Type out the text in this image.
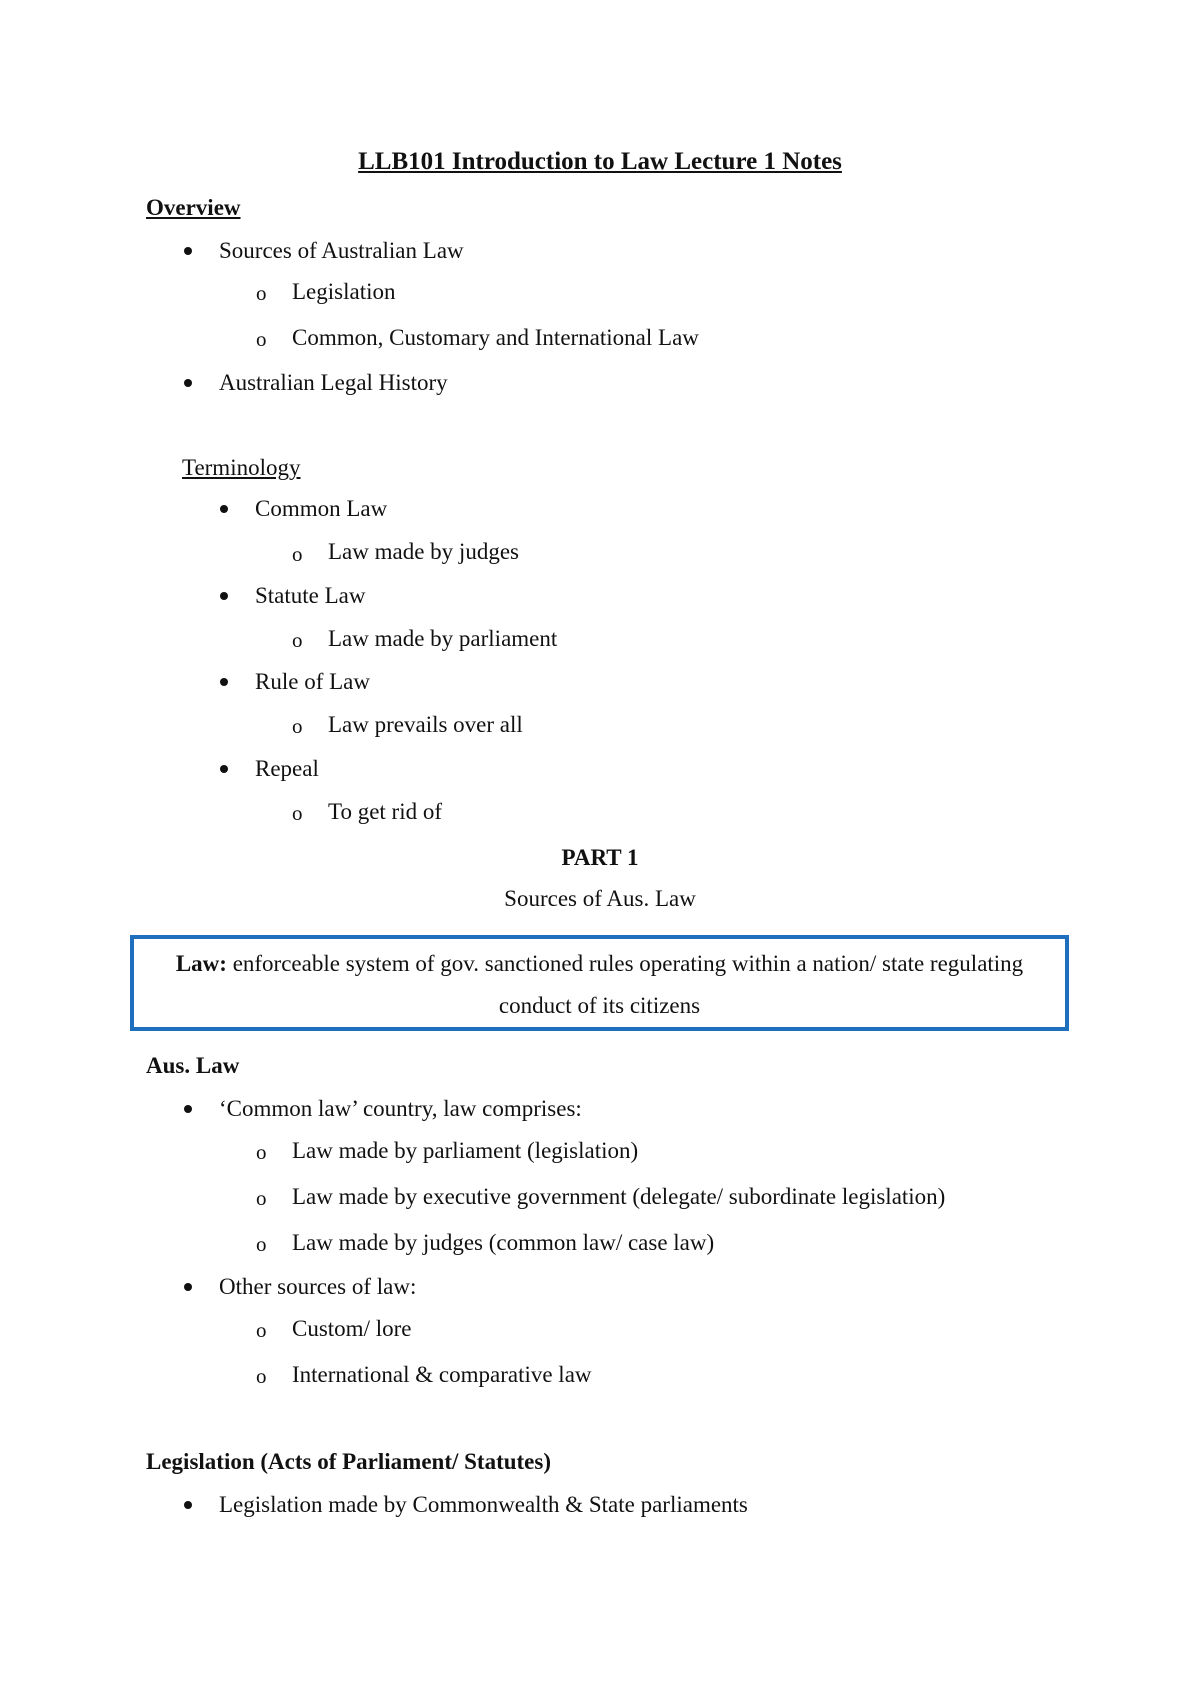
LLB101 Introduction to Law Lecture 1 Notes
Overview
Sources of Australian Law
o Legislation
o Common, Customary and International Law
Australian Legal History
Terminology
Common Law
o Law made by judges
Statute Law
o Law made by parliament
Rule of Law
o Law prevails over all
Repeal
o To get rid of
PART 1
Sources of Aus. Law
Law: enforceable system of gov. sanctioned rules operating within a nation/ state regulating
conduct of its citizens
Aus. Law
‘Common law’ country, law comprises:
o Law made by parliament (legislation)
o Law made by executive government (delegate/ subordinate legislation)
o Law made by judges (common law/ case law)
Other sources of law:
o Custom/ lore
o International & comparative law
Legislation (Acts of Parliament/ Statutes)
Legislation made by Commonwealth & State parliaments
